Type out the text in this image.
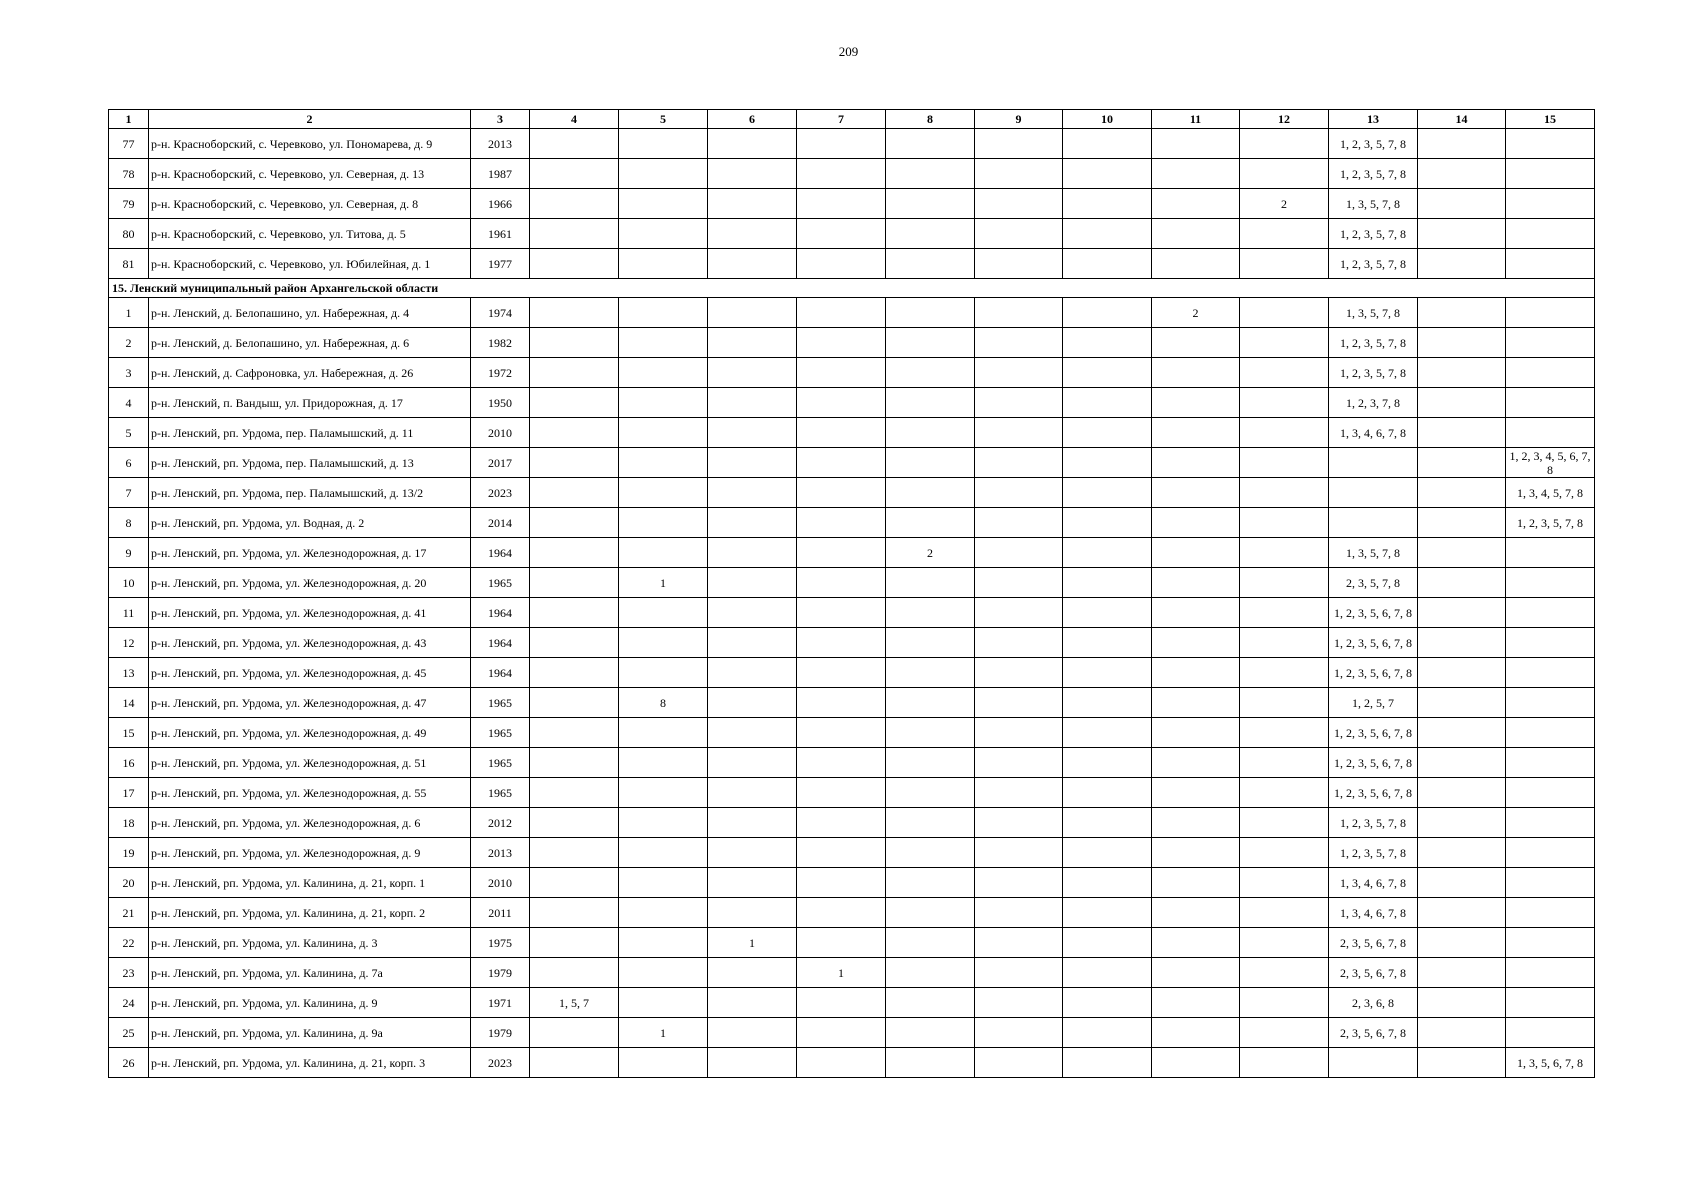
209
1	2	3	4	5	6	7	8	9	10	11	12	13	14	15
77	р-н. Красноборский, с. Черевково, ул. Пономарева, д. 9	2013										1, 2, 3, 5, 7, 8		
78	р-н. Красноборский, с. Черевково, ул. Северная, д. 13	1987										1, 2, 3, 5, 7, 8		
79	р-н. Красноборский, с. Черевково, ул. Северная, д. 8	1966									2	1, 3, 5, 7, 8		
80	р-н. Красноборский, с. Черевково, ул. Титова, д. 5	1961										1, 2, 3, 5, 7, 8		
81	р-н. Красноборский, с. Черевково, ул. Юбилейная, д. 1	1977										1, 2, 3, 5, 7, 8		
15. Ленский муниципальный район Архангельской области														
1	р-н. Ленский, д. Белопашино, ул. Набережная, д. 4	1974								2		1, 3, 5, 7, 8		
2	р-н. Ленский, д. Белопашино, ул. Набережная, д. 6	1982										1, 2, 3, 5, 7, 8		
3	р-н. Ленский, д. Сафроновка, ул. Набережная, д. 26	1972										1, 2, 3, 5, 7, 8		
4	р-н. Ленский, п. Вандыш, ул. Придорожная, д. 17	1950										1, 2, 3, 7, 8		
5	р-н. Ленский, рп. Урдома, пер. Паламышский, д. 11	2010										1, 3, 4, 6, 7, 8		
6	р-н. Ленский, рп. Урдома, пер. Паламышский, д. 13	2017												1, 2, 3, 4, 5, 6, 7, 8
7	р-н. Ленский, рп. Урдома, пер. Паламышский, д. 13/2	2023												1, 3, 4, 5, 7, 8
8	р-н. Ленский, рп. Урдома, ул. Водная, д. 2	2014												1, 2, 3, 5, 7, 8
9	р-н. Ленский, рп. Урдома, ул. Железнодорожная, д. 17	1964					2					1, 3, 5, 7, 8		
10	р-н. Ленский, рп. Урдома, ул. Железнодорожная, д. 20	1965		1								2, 3, 5, 7, 8		
11	р-н. Ленский, рп. Урдома, ул. Железнодорожная, д. 41	1964										1, 2, 3, 5, 6, 7, 8		
12	р-н. Ленский, рп. Урдома, ул. Железнодорожная, д. 43	1964										1, 2, 3, 5, 6, 7, 8		
13	р-н. Ленский, рп. Урдома, ул. Железнодорожная, д. 45	1964										1, 2, 3, 5, 6, 7, 8		
14	р-н. Ленский, рп. Урдома, ул. Железнодорожная, д. 47	1965		8								1, 2, 5, 7		
15	р-н. Ленский, рп. Урдома, ул. Железнодорожная, д. 49	1965										1, 2, 3, 5, 6, 7, 8		
16	р-н. Ленский, рп. Урдома, ул. Железнодорожная, д. 51	1965										1, 2, 3, 5, 6, 7, 8		
17	р-н. Ленский, рп. Урдома, ул. Железнодорожная, д. 55	1965										1, 2, 3, 5, 6, 7, 8		
18	р-н. Ленский, рп. Урдома, ул. Железнодорожная, д. 6	2012										1, 2, 3, 5, 7, 8		
19	р-н. Ленский, рп. Урдома, ул. Железнодорожная, д. 9	2013										1, 2, 3, 5, 7, 8		
20	р-н. Ленский, рп. Урдома, ул. Калинина, д. 21, корп. 1	2010										1, 3, 4, 6, 7, 8		
21	р-н. Ленский, рп. Урдома, ул. Калинина, д. 21, корп. 2	2011										1, 3, 4, 6, 7, 8		
22	р-н. Ленский, рп. Урдома, ул. Калинина, д. 3	1975			1							2, 3, 5, 6, 7, 8		
23	р-н. Ленский, рп. Урдома, ул. Калинина, д. 7а	1979				1						2, 3, 5, 6, 7, 8		
24	р-н. Ленский, рп. Урдома, ул. Калинина, д. 9	1971	1, 5, 7									2, 3, 6, 8		
25	р-н. Ленский, рп. Урдома, ул. Калинина, д. 9а	1979		1								2, 3, 5, 6, 7, 8		
26	р-н. Ленский, рп. Урдома, ул. Калинина, д. 21, корп. 3	2023												1, 3, 5, 6, 7, 8
